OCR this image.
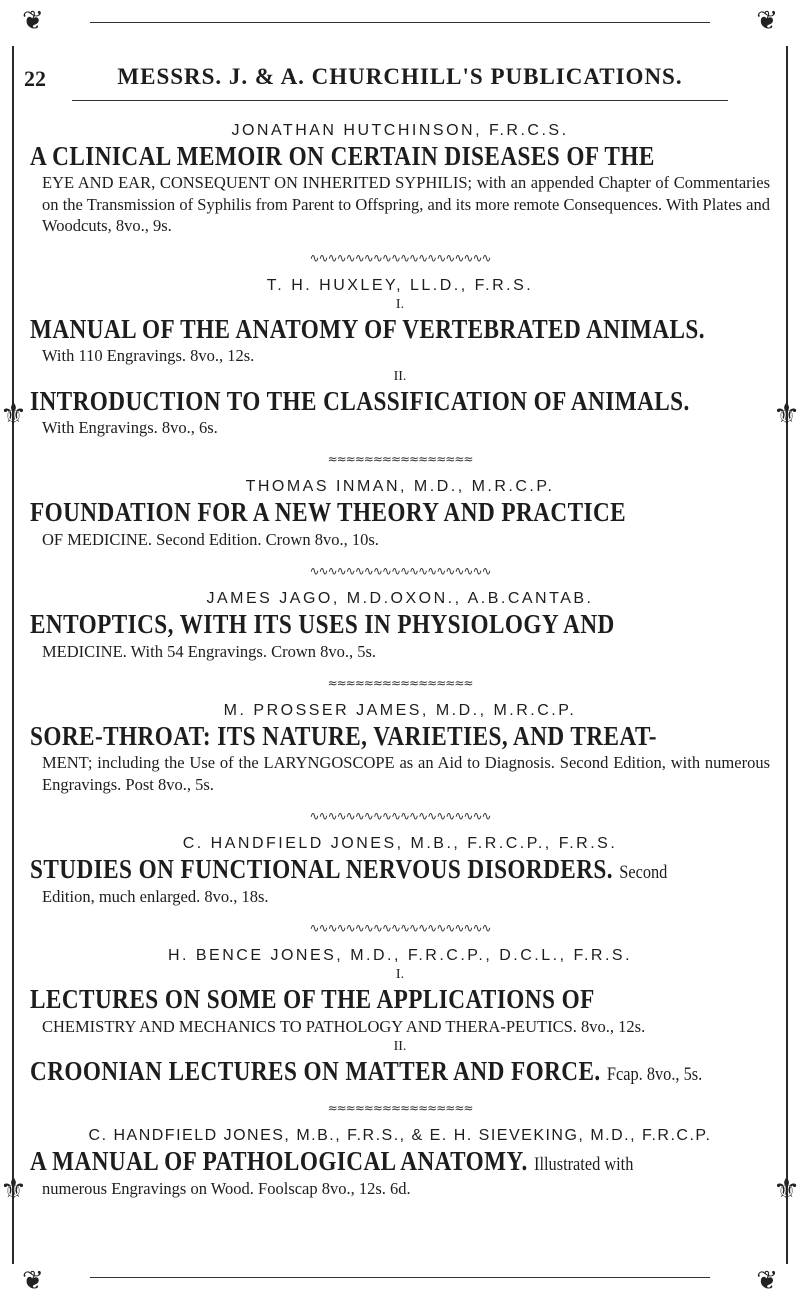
❦	❦
❦	❦
⚜	⚜
⚜	⚜
22	MESSRS. J. & A. CHURCHILL'S PUBLICATIONS.
JONATHAN HUTCHINSON, F.R.C.S.
A CLINICAL MEMOIR ON CERTAIN DISEASES OF THE
EYE AND EAR, CONSEQUENT ON INHERITED SYPHILIS; with an appended Chapter of Commentaries on the Transmission of Syphilis from Parent to Offspring, and its more remote Consequences. With Plates and Woodcuts, 8vo., 9s.
∿∿∿∿∿∿∿∿∿∿∿∿∿∿∿∿∿∿∿∿
T. H. HUXLEY, LL.D., F.R.S.
I.
MANUAL OF THE ANATOMY OF VERTEBRATED ANIMALS.
With 110 Engravings. 8vo., 12s.
II.
INTRODUCTION TO THE CLASSIFICATION OF ANIMALS.
With Engravings. 8vo., 6s.
≈≈≈≈≈≈≈≈≈≈≈≈≈≈≈≈
THOMAS INMAN, M.D., M.R.C.P.
FOUNDATION FOR A NEW THEORY AND PRACTICE
OF MEDICINE. Second Edition. Crown 8vo., 10s.
∿∿∿∿∿∿∿∿∿∿∿∿∿∿∿∿∿∿∿∿
JAMES JAGO, M.D.OXON., A.B.CANTAB.
ENTOPTICS, WITH ITS USES IN PHYSIOLOGY AND
MEDICINE. With 54 Engravings. Crown 8vo., 5s.
≈≈≈≈≈≈≈≈≈≈≈≈≈≈≈≈
M. PROSSER JAMES, M.D., M.R.C.P.
SORE-THROAT: ITS NATURE, VARIETIES, AND TREAT-
MENT; including the Use of the LARYNGOSCOPE as an Aid to Diagnosis. Second Edition, with numerous Engravings. Post 8vo., 5s.
∿∿∿∿∿∿∿∿∿∿∿∿∿∿∿∿∿∿∿∿
C. HANDFIELD JONES, M.B., F.R.C.P., F.R.S.
STUDIES ON FUNCTIONAL NERVOUS DISORDERS. Second
Edition, much enlarged. 8vo., 18s.
∿∿∿∿∿∿∿∿∿∿∿∿∿∿∿∿∿∿∿∿
H. BENCE JONES, M.D., F.R.C.P., D.C.L., F.R.S.
I.
LECTURES ON SOME OF THE APPLICATIONS OF
CHEMISTRY AND MECHANICS TO PATHOLOGY AND THERA-PEUTICS. 8vo., 12s.
II.
CROONIAN LECTURES ON MATTER AND FORCE. Fcap. 8vo., 5s.
≈≈≈≈≈≈≈≈≈≈≈≈≈≈≈≈
C. HANDFIELD JONES, M.B., F.R.S., & E. H. SIEVEKING, M.D., F.R.C.P.
A MANUAL OF PATHOLOGICAL ANATOMY. Illustrated with
numerous Engravings on Wood. Foolscap 8vo., 12s. 6d.
